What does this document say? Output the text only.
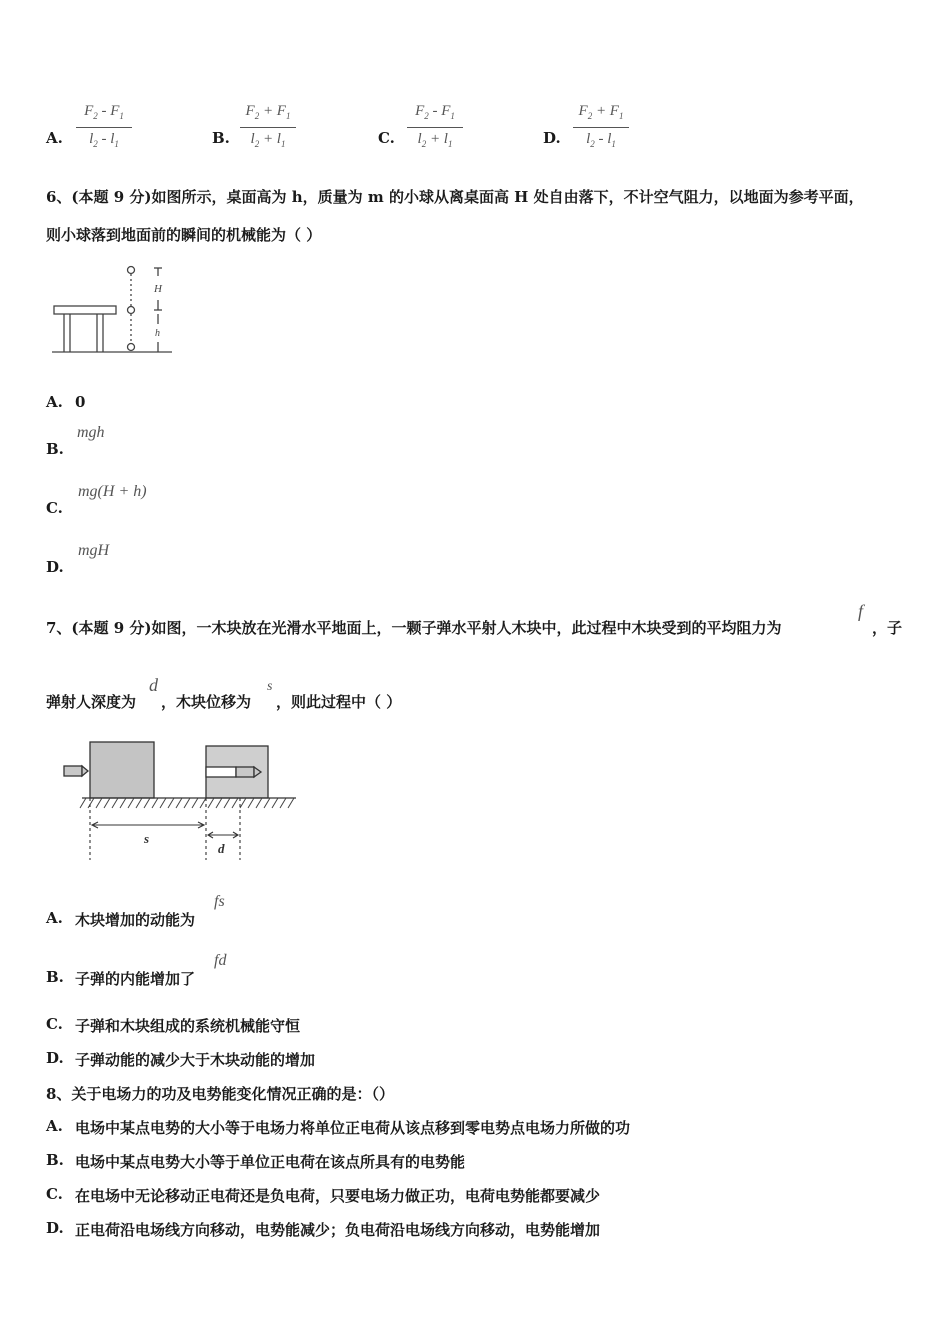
A.
$F_2 - F_1$
$l_2 - l_1$	B.
$F_2 + F_1$
$l_2 + l_1$	C.
$F_2 - F_1$
$l_2 + l_1$	D.
$F_2 + F_1$
$l_2 - l_1$
6、(本题 9 分)如图所示，桌面高为 h，质量为 m 的小球从离桌面高 H 处自由落下，不计空气阻力，以地面为参考平面，
则小球落到地面前的瞬间的机械能为（ ）
H
h
A. 0
B.
mgh
C.
mg(H + h)
D.
mgH
7、(本题 9 分)如图，一木块放在光滑水平地面上，一颗子弹水平射人木块中，此过程中木块受到的平均阻力为
f
，子
弹射人深度为
d
，木块位移为
s
，则此过程中（ ）
s
d
A. 木块增加的动能为
fs
B. 子弹的内能增加了
fd
C. 子弹和木块组成的系统机械能守恒
D. 子弹动能的减少大于木块动能的增加
8、关于电场力的功及电势能变化情况正确的是：（）
A. 电场中某点电势的大小等于电场力将单位正电荷从该点移到零电势点电场力所做的功
B. 电场中某点电势大小等于单位正电荷在该点所具有的电势能
C. 在电场中无论移动正电荷还是负电荷，只要电场力做正功，电荷电势能都要减少
D. 正电荷沿电场线方向移动，电势能减少；负电荷沿电场线方向移动，电势能增加
